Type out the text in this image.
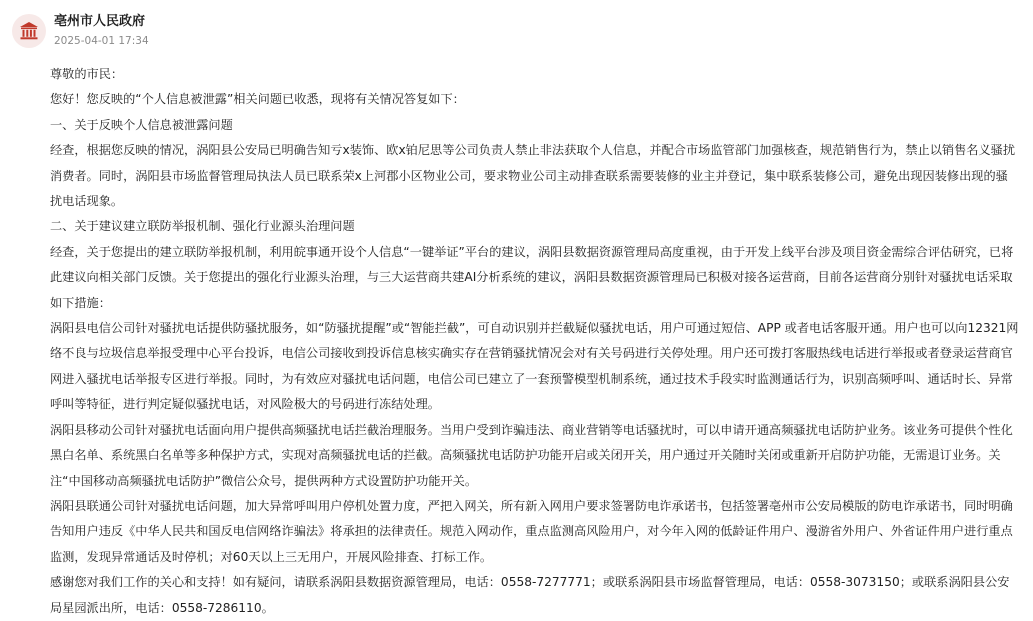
亳州市人民政府
2025-04-01 17:34

尊敬的市民：

您好！您反映的“个人信息被泄露”相关问题已收悉，现将有关情况答复如下：

一、关于反映个人信息被泄露问题

经查，根据您反映的情况，涡阳县公安局已明确告知亏x装饰、欧x铂尼思等公司负责人禁止非法获取个人信息，并配合市场监管部门加强核查，规范销售行为，禁止以销售名义骚扰消费者。同时，涡阳县市场监督管理局执法人员已联系荣x上河郡小区物业公司，要求物业公司主动排查联系需要装修的业主并登记，集中联系装修公司，避免出现因装修出现的骚扰电话现象。

二、关于建议建立联防举报机制、强化行业源头治理问题

经查，关于您提出的建立联防举报机制，利用皖事通开设个人信息“一键举证”平台的建议，涡阳县数据资源管理局高度重视，由于开发上线平台涉及项目资金需综合评估研究，已将此建议向相关部门反馈。关于您提出的强化行业源头治理，与三大运营商共建AI分析系统的建议，涡阳县数据资源管理局已积极对接各运营商，目前各运营商分别针对骚扰电话采取如下措施：

涡阳县电信公司针对骚扰电话提供防骚扰服务，如“防骚扰提醒”或“智能拦截”，可自动识别并拦截疑似骚扰电话，用户可通过短信、APP 或者电话客服开通。用户也可以向12321网络不良与垃圾信息举报受理中心平台投诉，电信公司接收到投诉信息核实确实存在营销骚扰情况会对有关号码进行关停处理。用户还可拨打客服热线电话进行举报或者登录运营商官网进入骚扰电话举报专区进行举报。同时，为有效应对骚扰电话问题，电信公司已建立了一套预警模型机制系统，通过技术手段实时监测通话行为，识别高频呼叫、通话时长、异常呼叫等特征，进行判定疑似骚扰电话，对风险极大的号码进行冻结处理。

涡阳县移动公司针对骚扰电话面向用户提供高频骚扰电话拦截治理服务。当用户受到诈骗违法、商业营销等电话骚扰时，可以申请开通高频骚扰电话防护业务。该业务可提供个性化黑白名单、系统黑白名单等多种保护方式，实现对高频骚扰电话的拦截。高频骚扰电话防护功能开启或关闭开关，用户通过开关随时关闭或重新开启防护功能，无需退订业务。关注“中国移动高频骚扰电话防护”微信公众号，提供两种方式设置防护功能开关。

涡阳县联通公司针对骚扰电话问题，加大异常呼叫用户停机处置力度，严把入网关，所有新入网用户要求签署防电诈承诺书，包括签署亳州市公安局模版的防电诈承诺书，同时明确告知用户违反《中华人民共和国反电信网络诈骗法》将承担的法律责任。规范入网动作，重点监测高风险用户，对今年入网的低龄证件用户、漫游省外用户、外省证件用户进行重点监测，发现异常通话及时停机；对60天以上三无用户，开展风险排查、打标工作。

感谢您对我们工作的关心和支持！如有疑问，请联系涡阳县数据资源管理局，电话：0558-7277771；或联系涡阳县市场监督管理局，电话：0558-3073150；或联系涡阳县公安局星园派出所，电话：0558-7286110。
